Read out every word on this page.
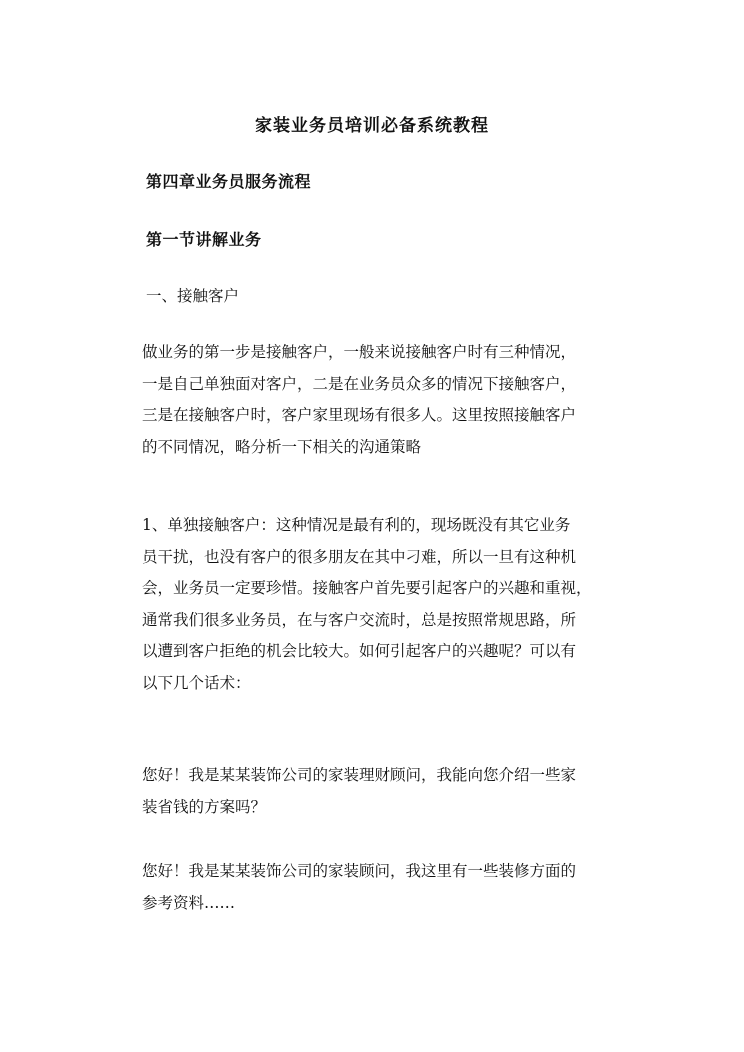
家装业务员培训必备系统教程
第四章业务员服务流程
第一节讲解业务
一、接触客户

做业务的第一步是接触客户，一般来说接触客户时有三种情况，
一是自己单独面对客户，二是在业务员众多的情况下接触客户，
三是在接触客户时，客户家里现场有很多人。这里按照接触客户
的不同情况，略分析一下相关的沟通策略

1、单独接触客户：这种情况是最有利的，现场既没有其它业务
员干扰，也没有客户的很多朋友在其中刁难，所以一旦有这种机
会，业务员一定要珍惜。接触客户首先要引起客户的兴趣和重视，
通常我们很多业务员，在与客户交流时，总是按照常规思路，所
以遭到客户拒绝的机会比较大。如何引起客户的兴趣呢？可以有
以下几个话术：

您好！我是某某装饰公司的家装理财顾问，我能向您介绍一些家
装省钱的方案吗？

您好！我是某某装饰公司的家装顾问，我这里有一些装修方面的
参考资料……
